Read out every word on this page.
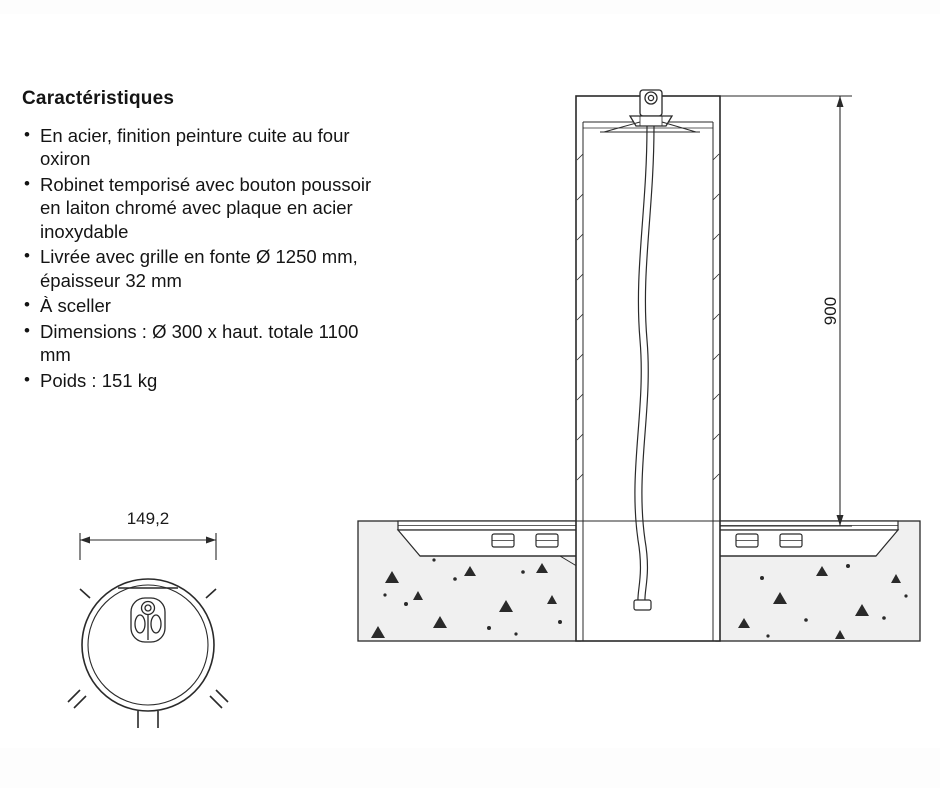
Caractéristiques
• En acier, finition peinture cuite au four oxiron
• Robinet temporisé avec bouton poussoir en laiton chromé avec plaque en acier inoxydable
• Livrée avec grille en fonte Ø 1250 mm, épaisseur 32 mm
• À sceller
• Dimensions : Ø 300 x haut. totale 1100 mm
• Poids : 151 kg
149,2
900
